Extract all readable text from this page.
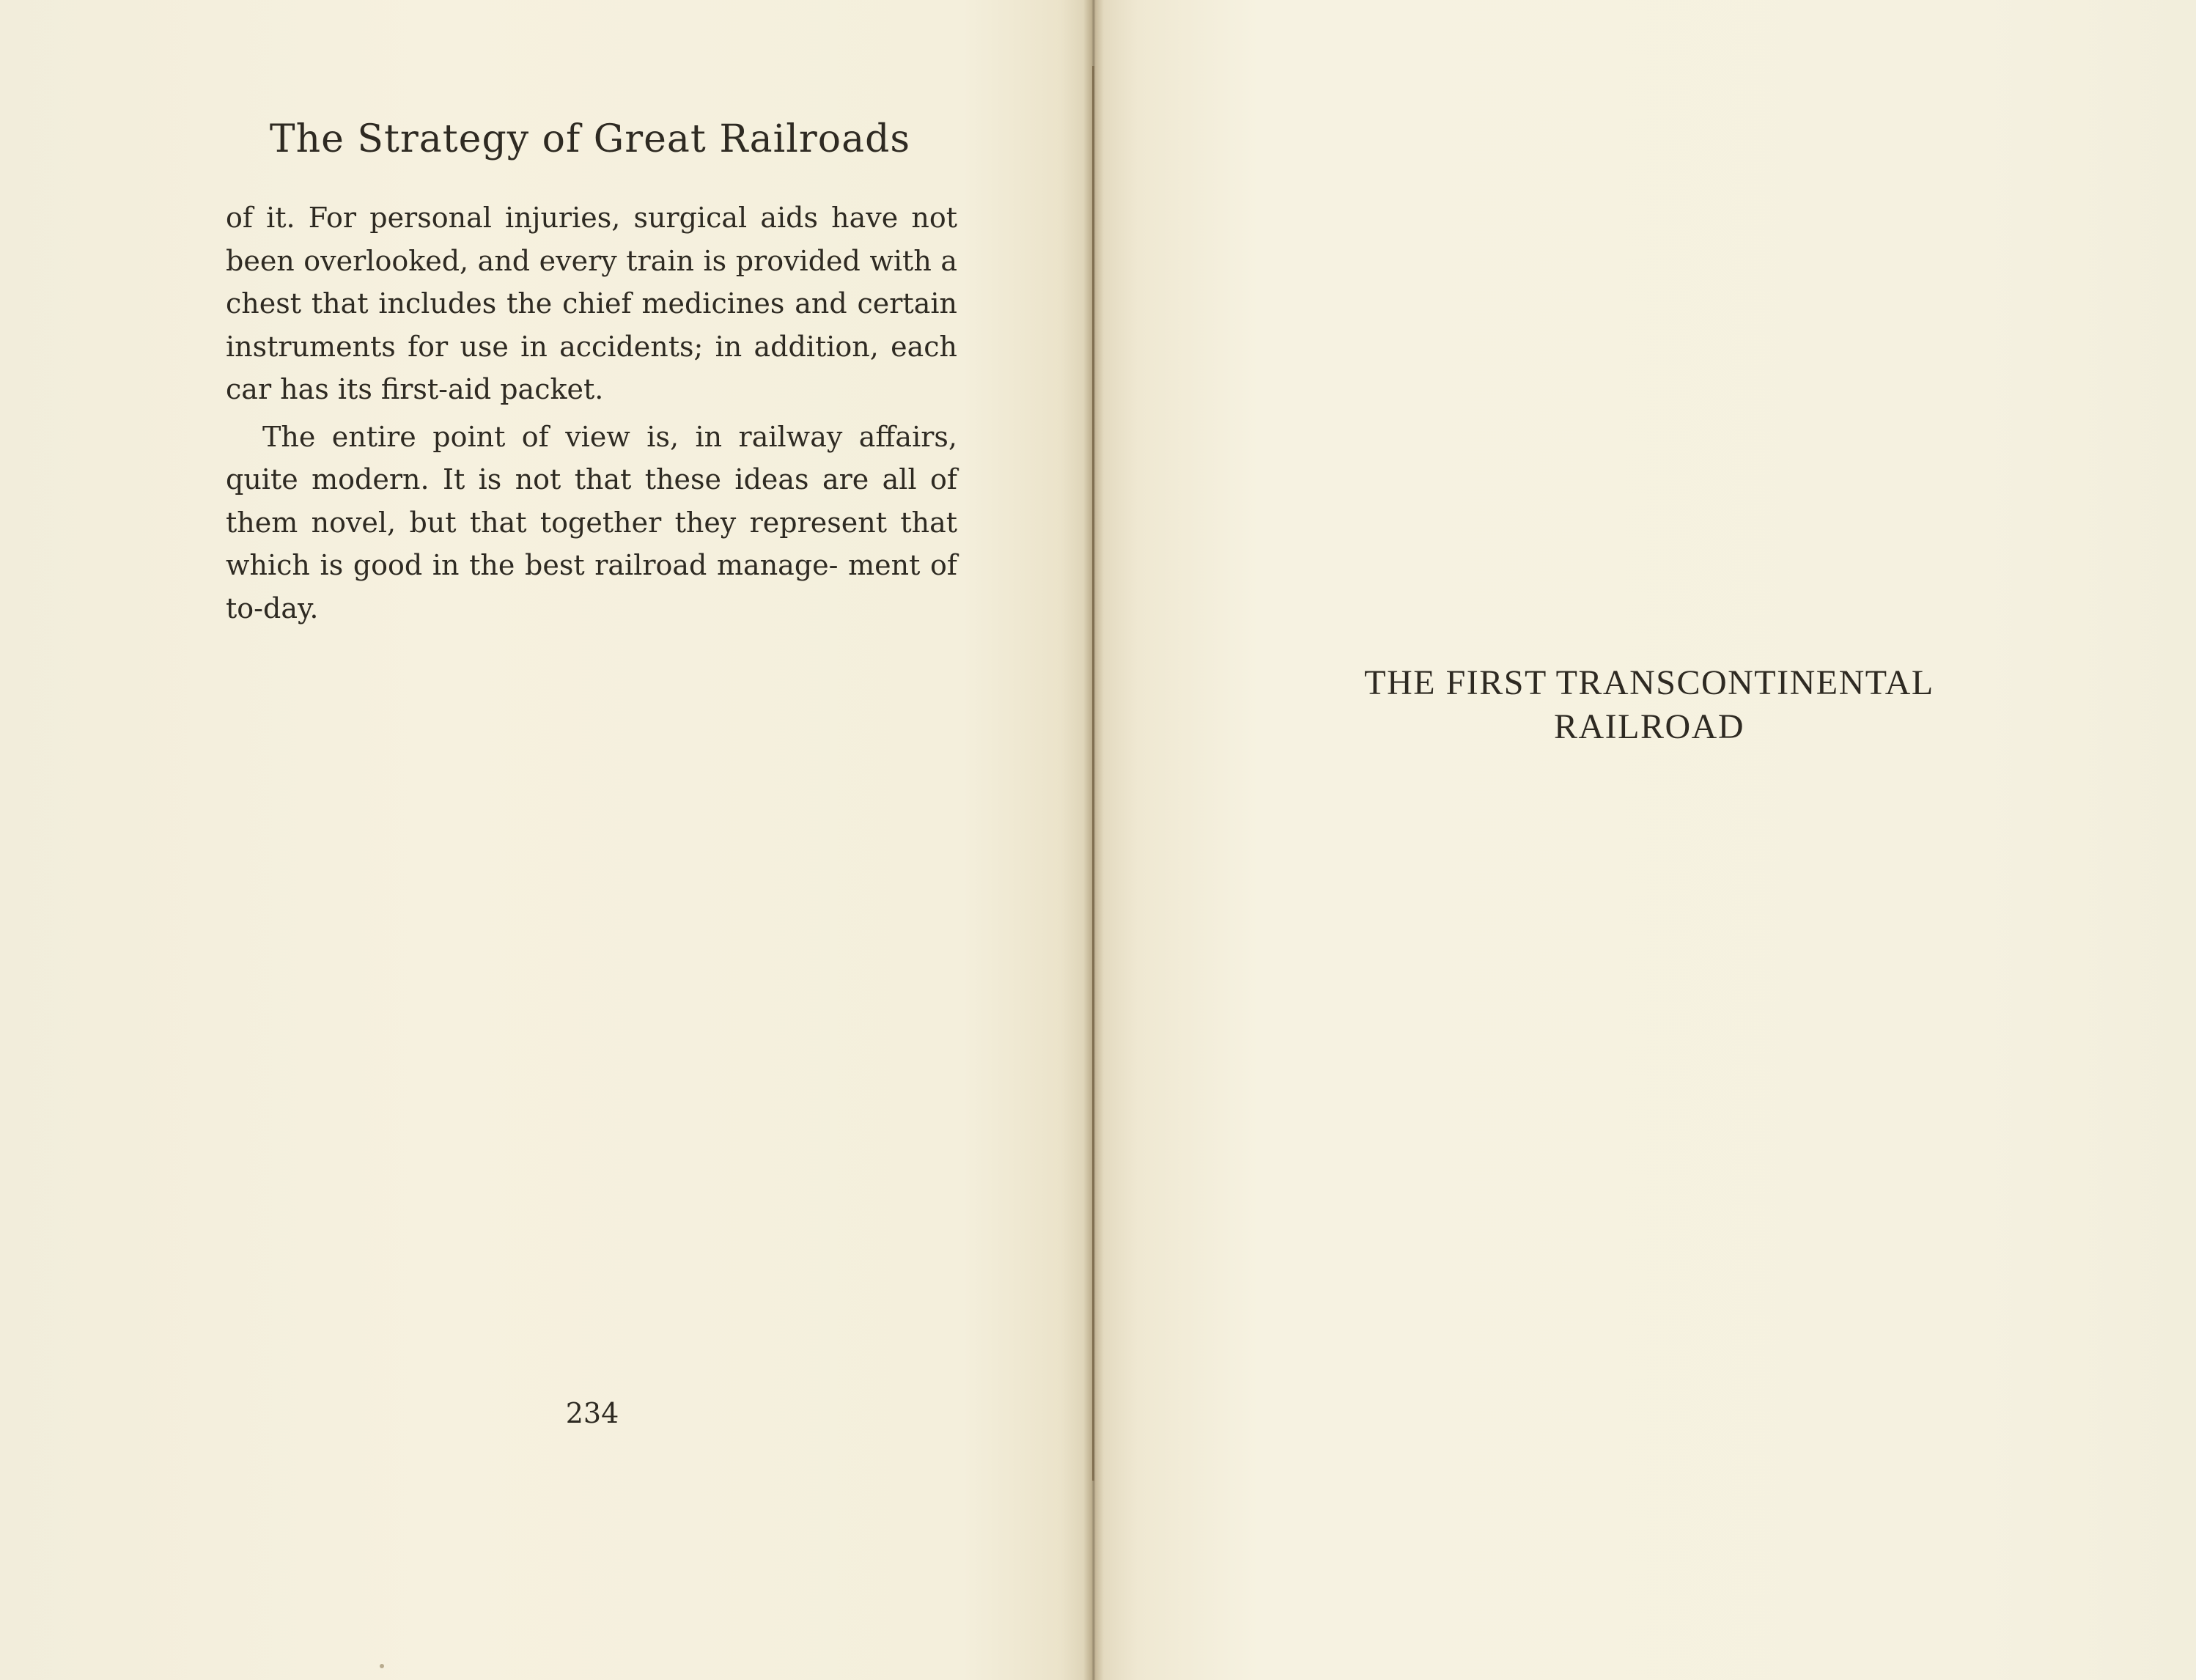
The Strategy of Great Railroads

of it. For personal injuries, surgical aids have not been overlooked, and every train is provided with a chest that includes the chief medicines and certain instruments for use in accidents; in addition, each car has its first-aid packet.

The entire point of view is, in railway affairs, quite modern. It is not that these ideas are all of them novel, but that together they represent that which is good in the best railroad manage- ment of to-day.

234
THE FIRST TRANSCONTINENTAL
RAILROAD
